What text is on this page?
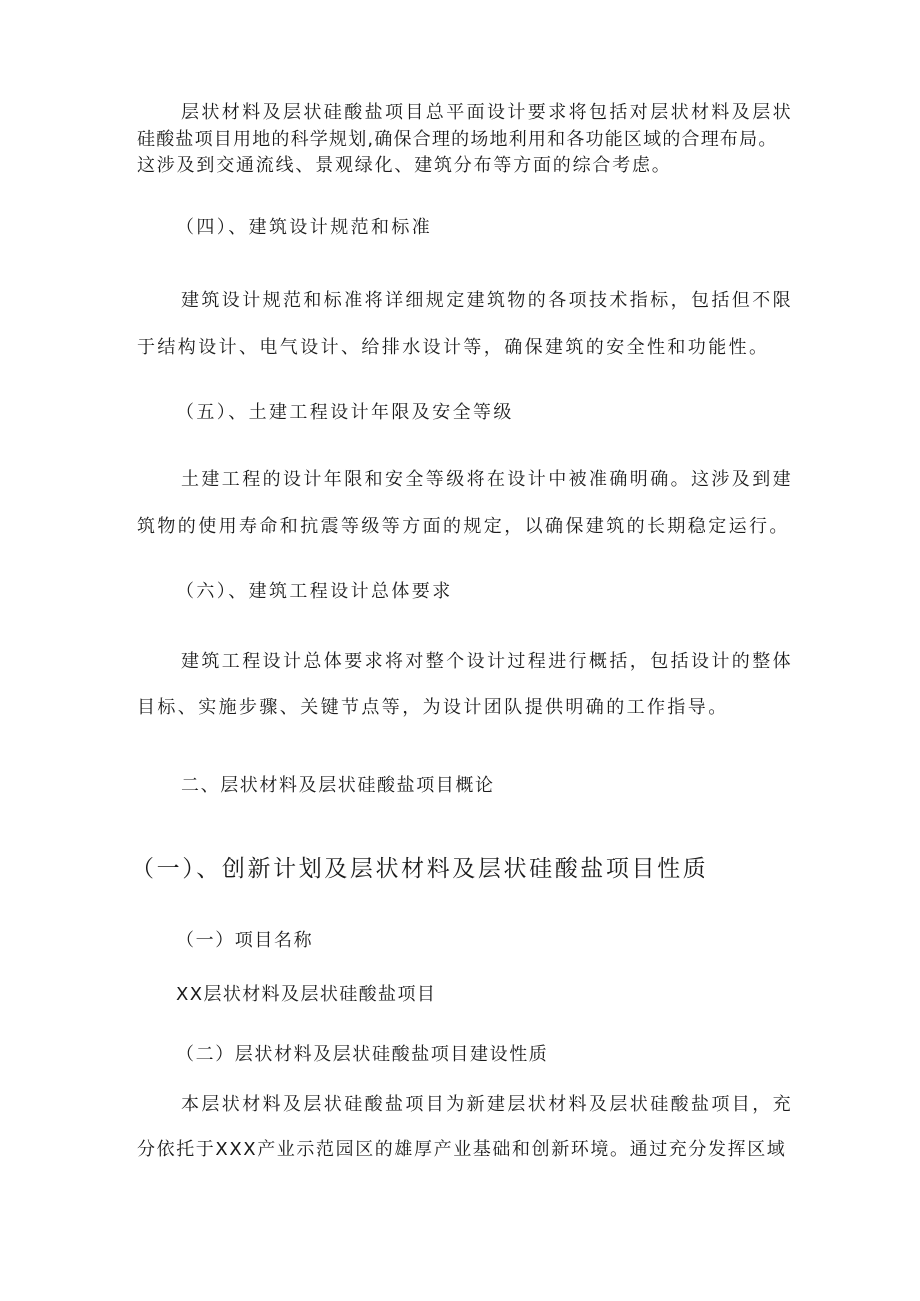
层状材料及层状硅酸盐项目总平面设计要求将包括对层状材料及层状
硅酸盐项目用地的科学规划,确保合理的场地利用和各功能区域的合理布局。
这涉及到交通流线、景观绿化、建筑分布等方面的综合考虑。
（四）、建筑设计规范和标准
建筑设计规范和标准将详细规定建筑物的各项技术指标，包括但不限
于结构设计、电气设计、给排水设计等，确保建筑的安全性和功能性。
（五）、土建工程设计年限及安全等级
土建工程的设计年限和安全等级将在设计中被准确明确。这涉及到建
筑物的使用寿命和抗震等级等方面的规定，以确保建筑的长期稳定运行。
（六）、建筑工程设计总体要求
建筑工程设计总体要求将对整个设计过程进行概括，包括设计的整体
目标、实施步骤、关键节点等，为设计团队提供明确的工作指导。
二、层状材料及层状硅酸盐项目概论
（一）、创新计划及层状材料及层状硅酸盐项目性质
（一）项目名称
XX层状材料及层状硅酸盐项目
（二）层状材料及层状硅酸盐项目建设性质
本层状材料及层状硅酸盐项目为新建层状材料及层状硅酸盐项目，充
分依托于XXX产业示范园区的雄厚产业基础和创新环境。通过充分发挥区域
